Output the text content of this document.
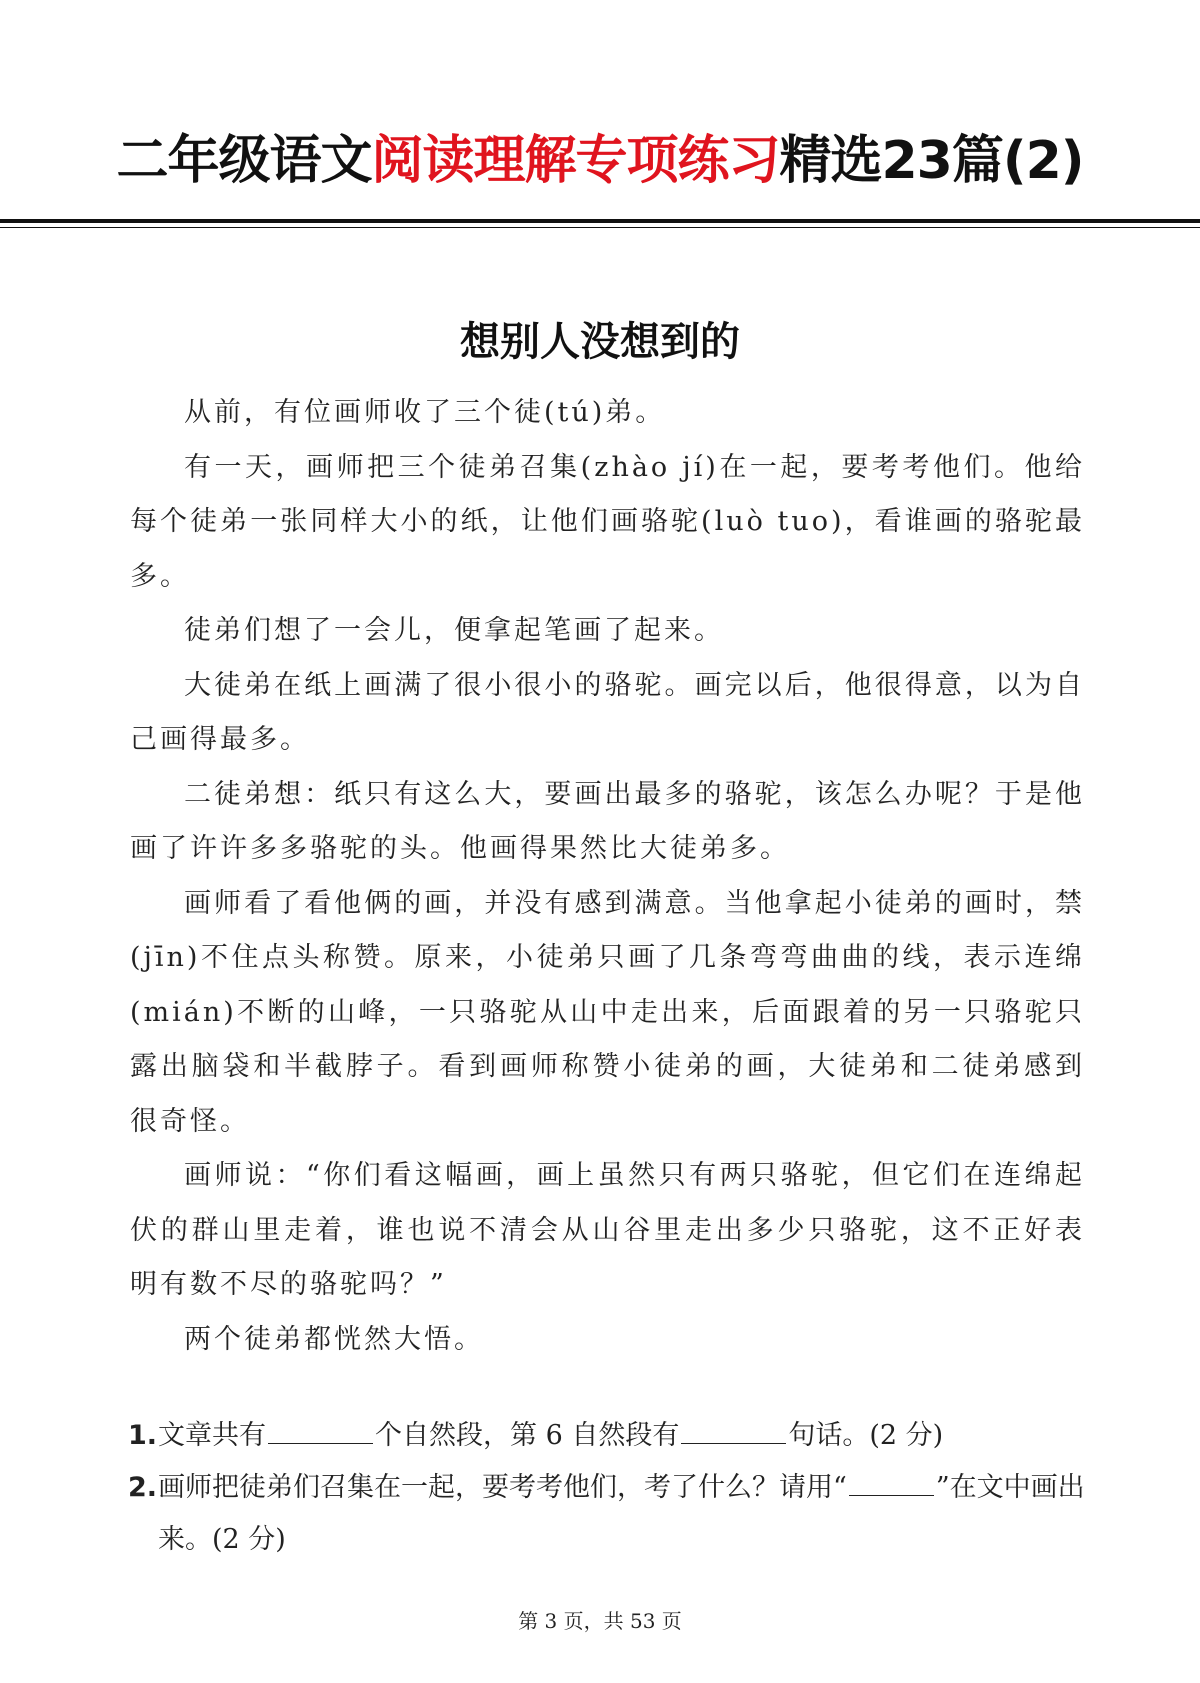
二年级语文阅读理解专项练习精选23篇(2)
想别人没想到的

从前，有位画师收了三个徒(tú)弟。

有一天，画师把三个徒弟召集(zhào jí)在一起，要考考他们。他给每个徒弟一张同样大小的纸，让他们画骆驼(luò tuo)，看谁画的骆驼最多。

徒弟们想了一会儿，便拿起笔画了起来。

大徒弟在纸上画满了很小很小的骆驼。画完以后，他很得意，以为自己画得最多。

二徒弟想：纸只有这么大，要画出最多的骆驼，该怎么办呢？于是他画了许许多多骆驼的头。他画得果然比大徒弟多。

画师看了看他俩的画，并没有感到满意。当他拿起小徒弟的画时，禁(jīn)不住点头称赞。原来，小徒弟只画了几条弯弯曲曲的线，表示连绵(mián)不断的山峰，一只骆驼从山中走出来，后面跟着的另一只骆驼只露出脑袋和半截脖子。看到画师称赞小徒弟的画，大徒弟和二徒弟感到很奇怪。

画师说：“你们看这幅画，画上虽然只有两只骆驼，但它们在连绵起伏的群山里走着，谁也说不清会从山谷里走出多少只骆驼，这不正好表明有数不尽的骆驼吗？”

两个徒弟都恍然大悟。

1. 文章共有	个自然段，第 6 自然段有	句话。(2 分)

2. 画师把徒弟们召集在一起，要考考他们，考了什么？请用“	”在文中画出来。(2 分)

第 3 页，共 53 页
